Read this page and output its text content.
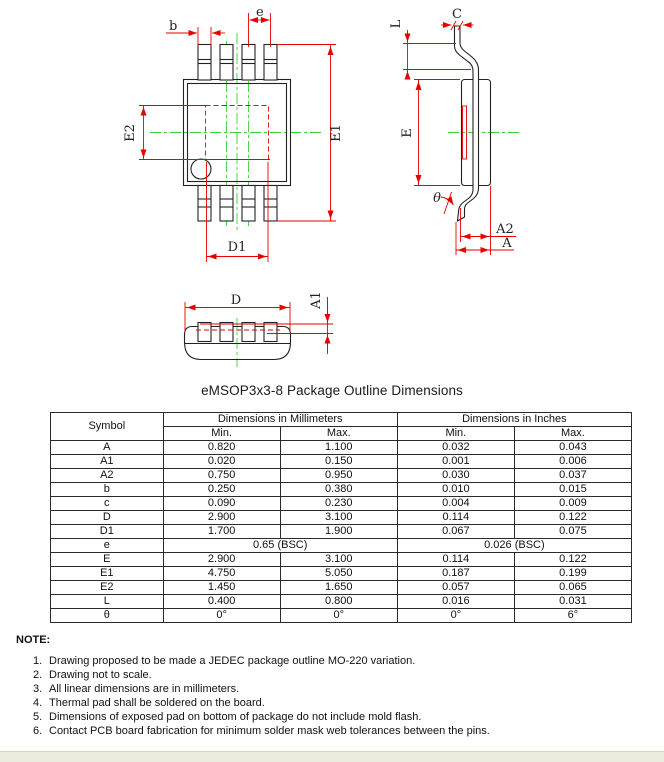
b
e
E2	E1
D1
L
C
E
θ
A2
A
D	A1
eMSOP3x3-8 Package Outline Dimensions
Symbol	Dimensions in Millimeters		Dimensions in Inches	
	Min.	Max.	Min.	Max.
A	0.820	1.100	0.032	0.043
A1	0.020	0.150	0.001	0.006
A2	0.750	0.950	0.030	0.037
b	0.250	0.380	0.010	0.015
c	0.090	0.230	0.004	0.009
D	2.900	3.100	0.114	0.122
D1	1.700	1.900	0.067	0.075
e	0.65 (BSC)		0.026 (BSC)	
E	2.900	3.100	0.114	0.122
E1	4.750	5.050	0.187	0.199
E2	1.450	1.650	0.057	0.065
L	0.400	0.800	0.016	0.031
θ	0°	0°	0°	6°

NOTE:

1. Drawing proposed to be made a JEDEC package outline MO-220 variation.
2. Drawing not to scale.
3. All linear dimensions are in millimeters.
4. Thermal pad shall be soldered on the board.
5. Dimensions of exposed pad on bottom of package do not include mold flash.
6. Contact PCB board fabrication for minimum solder mask web tolerances between the pins.
